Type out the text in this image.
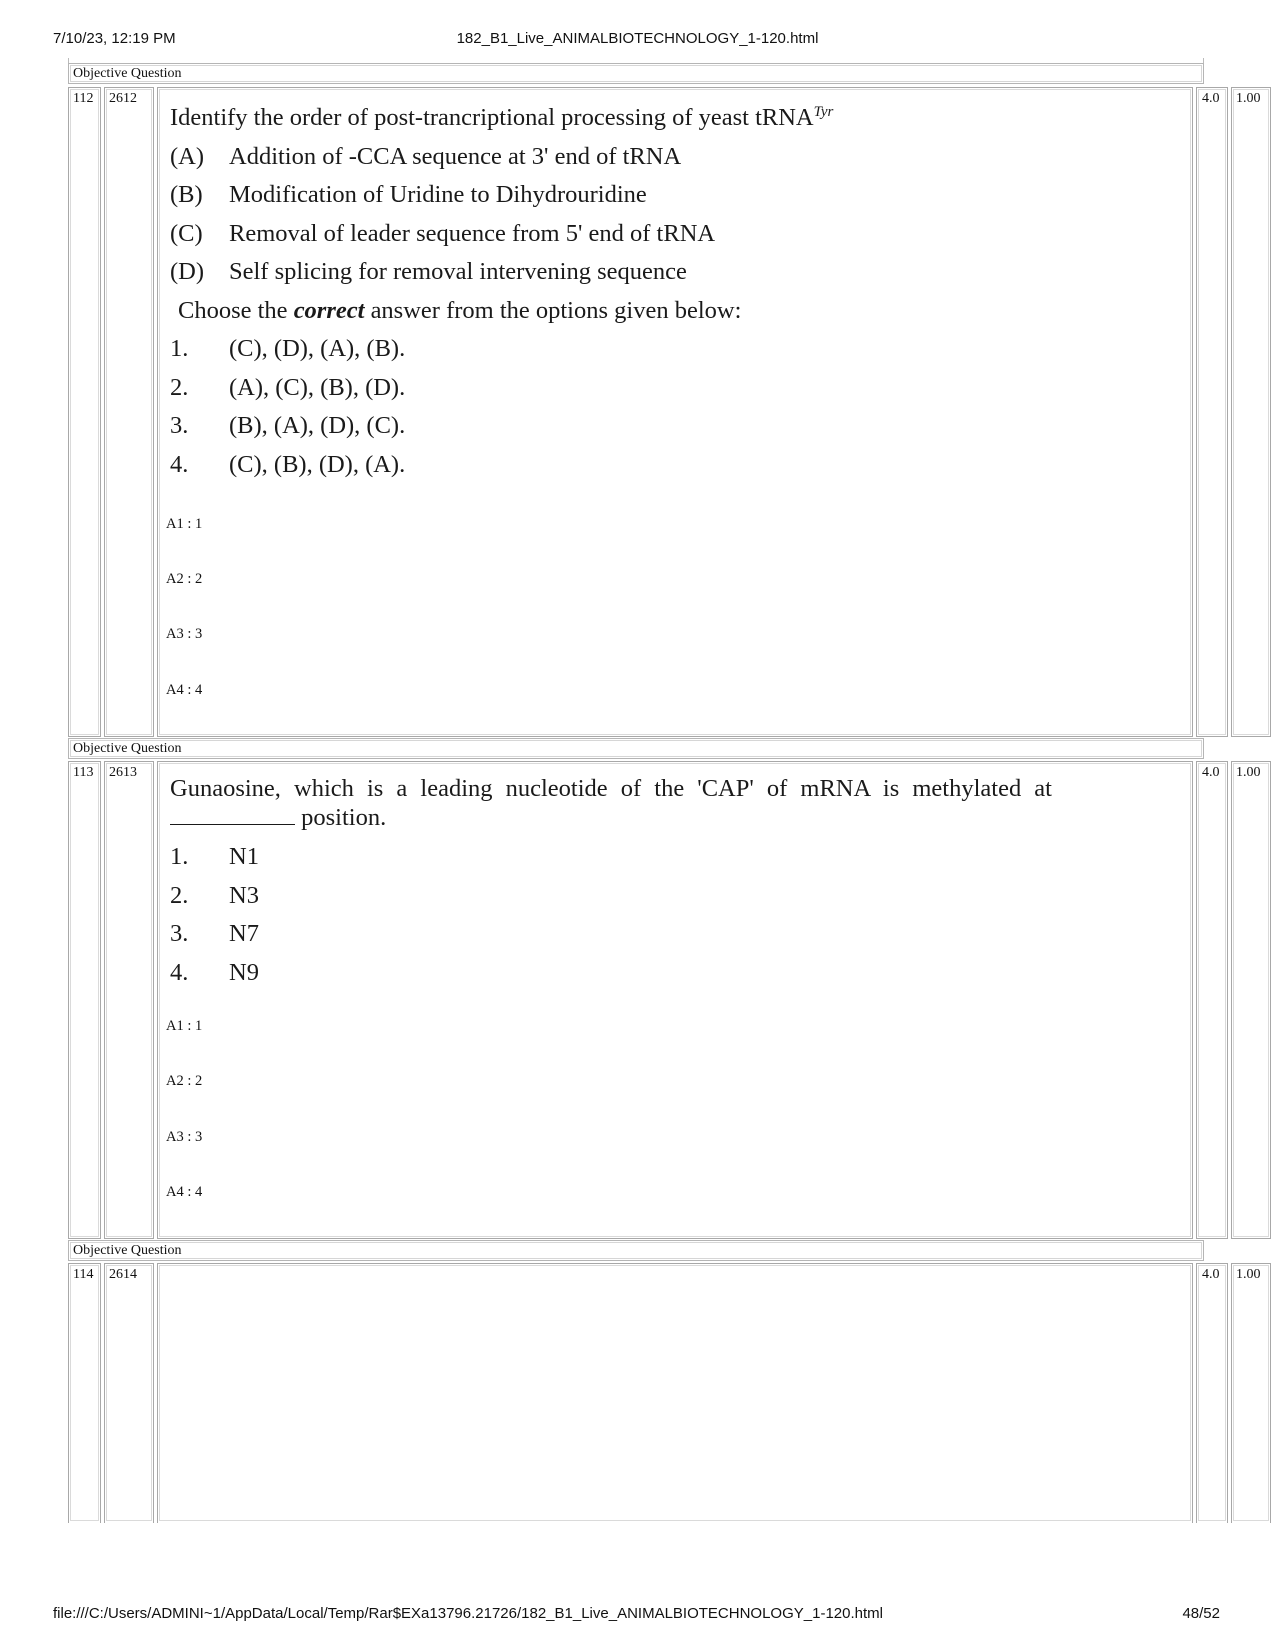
182_B1_Live_ANIMALBIOTECHNOLOGY_1-120.html
7/10/23, 12:19 PM
Objective Question
112	2612
Identify the order of post-trancriptional processing of yeast tRNA$^{Tyr}$
(A)	Addition of -CCA sequence at 3' end of tRNA
(B)	Modification of Uridine to Dihydrouridine
(C)	Removal of leader sequence from 5' end of tRNA
(D)	Self splicing for removal intervening sequence
Choose the correct answer from the options given below:
1.	(C), (D), (A), (B).
2.	(A), (C), (B), (D).
3.	(B), (A), (D), (C).
4.	(C), (B), (D), (A).
A1 : 1
A2 : 2
A3 : 3
A4 : 4
4.0	1.00
Objective Question
113	2613
Gunaosine, which is a leading nucleotide of the 'CAP' of mRNA is methylated at
position.
1.	N1
2.	N3
3.	N7
4.	N9
A1 : 1
A2 : 2
A3 : 3
A4 : 4
4.0	1.00
Objective Question
114	2614	4.0	1.00
file:///C:/Users/ADMINI~1/AppData/Local/Temp/Rar$EXa13796.21726/182_B1_Live_ANIMALBIOTECHNOLOGY_1-120.html	48/52
